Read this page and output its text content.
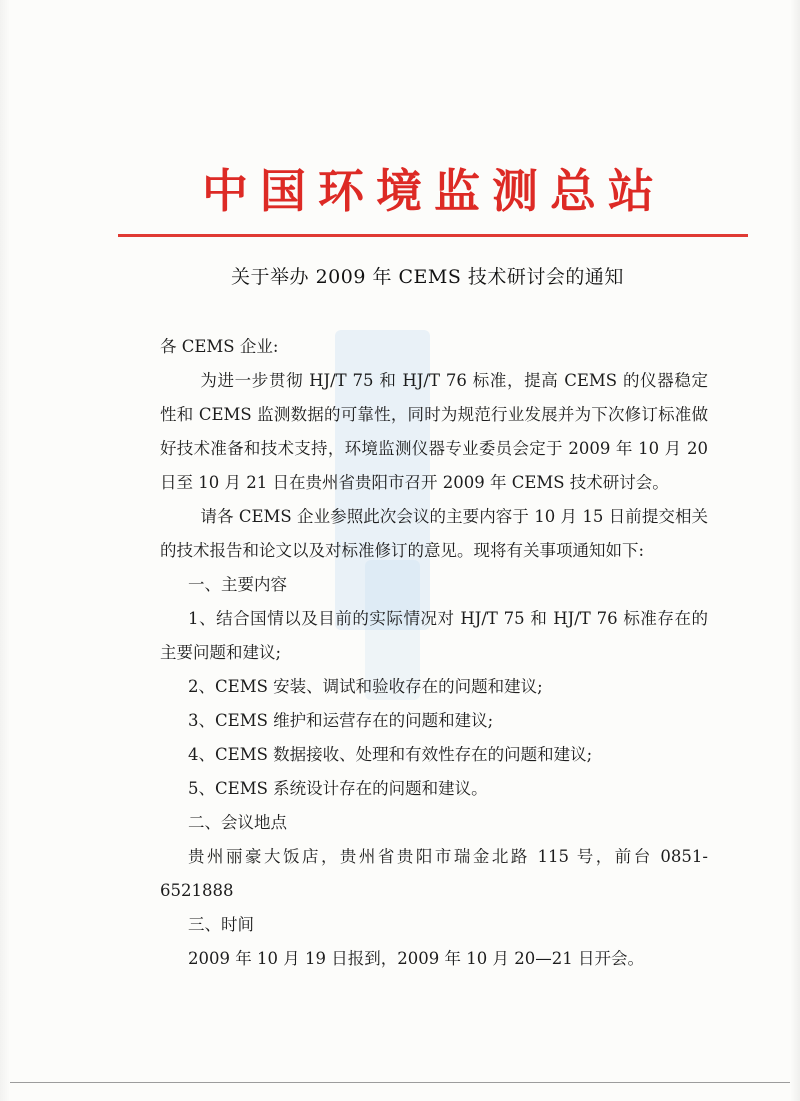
中国环境监测总站
关于举办 2009 年 CEMS 技术研讨会的通知

各 CEMS 企业:

为进一步贯彻 HJ/T 75 和 HJ/T 76 标准，提高 CEMS 的仪器稳定性和 CEMS 监测数据的可靠性，同时为规范行业发展并为下次修订标准做好技术准备和技术支持，环境监测仪器专业委员会定于 2009 年 10 月 20 日至 10 月 21 日在贵州省贵阳市召开 2009 年 CEMS 技术研讨会。

请各 CEMS 企业参照此次会议的主要内容于 10 月 15 日前提交相关的技术报告和论文以及对标准修订的意见。现将有关事项通知如下:

一、主要内容

1、结合国情以及目前的实际情况对 HJ/T 75 和 HJ/T 76 标准存在的主要问题和建议;

2、CEMS 安装、调试和验收存在的问题和建议;

3、CEMS 维护和运营存在的问题和建议;

4、CEMS 数据接收、处理和有效性存在的问题和建议;

5、CEMS 系统设计存在的问题和建议。

二、会议地点

贵州丽豪大饭店，贵州省贵阳市瑞金北路 115 号，前台 0851-6521888

三、时间

2009 年 10 月 19 日报到，2009 年 10 月 20—21 日开会。
